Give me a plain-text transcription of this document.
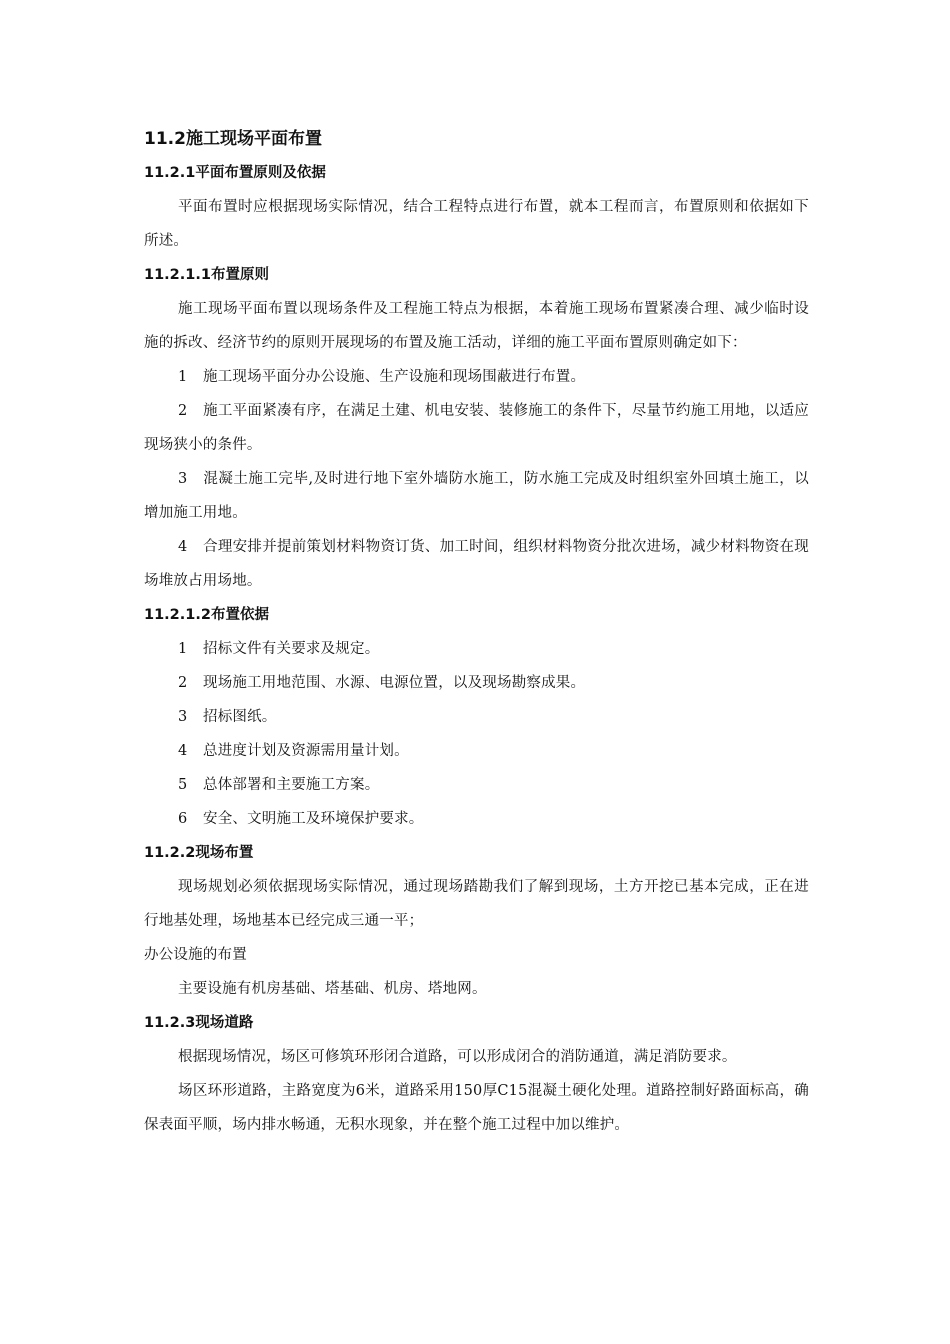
11.2施工现场平面布置

11.2.1平面布置原则及依据

平面布置时应根据现场实际情况，结合工程特点进行布置，就本工程而言，布置原则和依据如下所述。

11.2.1.1布置原则

施工现场平面布置以现场条件及工程施工特点为根据，本着施工现场布置紧凑合理、减少临时设施的拆改、经济节约的原则开展现场的布置及施工活动，详细的施工平面布置原则确定如下：

1 施工现场平面分办公设施、生产设施和现场围蔽进行布置。

2 施工平面紧凑有序，在满足土建、机电安装、装修施工的条件下，尽量节约施工用地，以适应现场狭小的条件。

3 混凝土施工完毕,及时进行地下室外墙防水施工，防水施工完成及时组织室外回填土施工，以增加施工用地。

4 合理安排并提前策划材料物资订货、加工时间，组织材料物资分批次进场，减少材料物资在现场堆放占用场地。

11.2.1.2布置依据

1 招标文件有关要求及规定。

2 现场施工用地范围、水源、电源位置，以及现场勘察成果。

3 招标图纸。

4 总进度计划及资源需用量计划。

5 总体部署和主要施工方案。

6 安全、文明施工及环境保护要求。

11.2.2现场布置

现场规划必须依据现场实际情况，通过现场踏勘我们了解到现场，土方开挖已基本完成，正在进行地基处理，场地基本已经完成三通一平；

办公设施的布置

主要设施有机房基础、塔基础、机房、塔地网。

11.2.3现场道路

根据现场情况，场区可修筑环形闭合道路，可以形成闭合的消防通道，满足消防要求。

场区环形道路，主路宽度为6米，道路采用150厚C15混凝土硬化处理。道路控制好路面标高，确保表面平顺，场内排水畅通，无积水现象，并在整个施工过程中加以维护。
